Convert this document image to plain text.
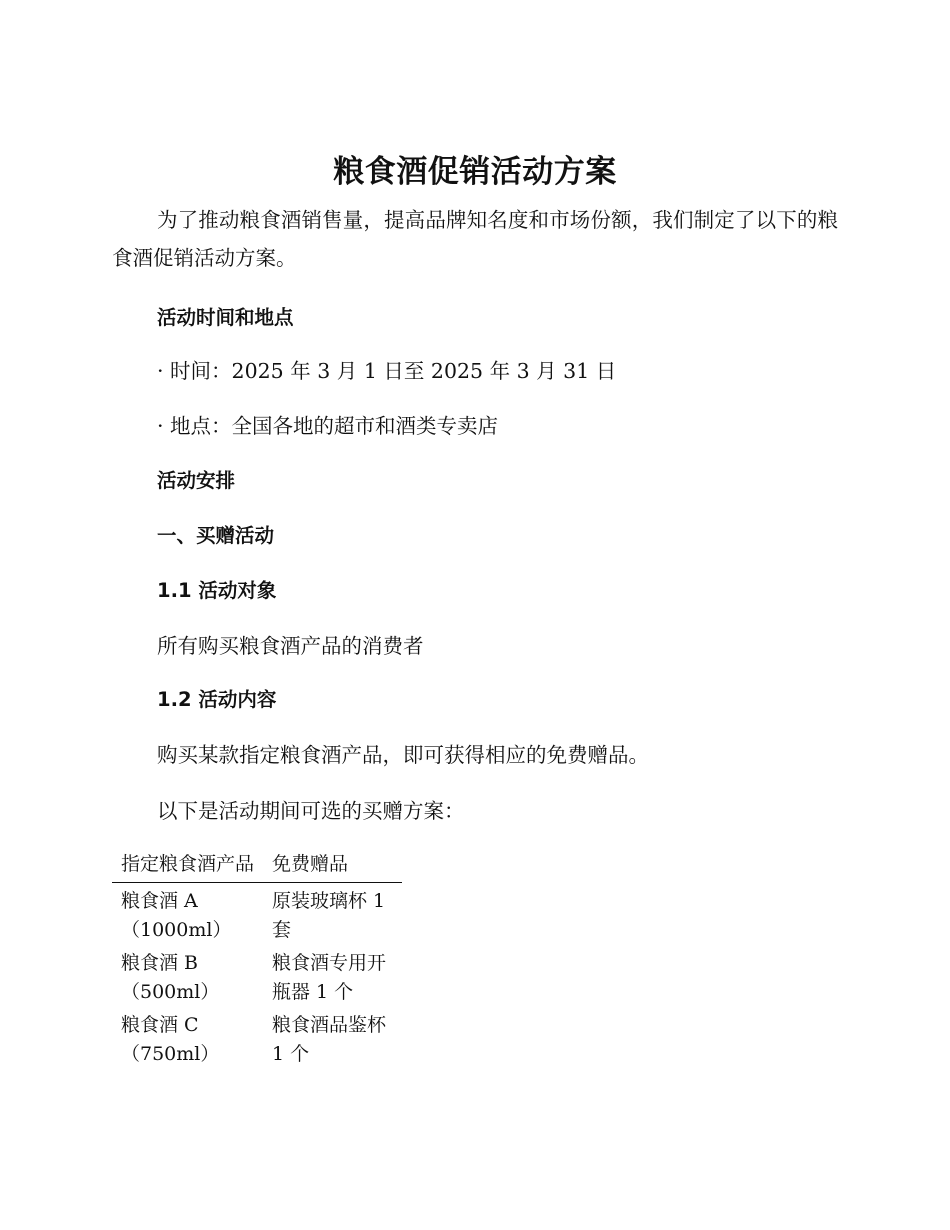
粮食酒促销活动方案
为了推动粮食酒销售量，提高品牌知名度和市场份额，我们制定了以下的粮食酒促销活动方案。
活动时间和地点
· 时间：2025 年 3 月 1 日至 2025 年 3 月 31 日
· 地点：全国各地的超市和酒类专卖店
活动安排
一、买赠活动
1.1 活动对象
所有购买粮食酒产品的消费者
1.2 活动内容
购买某款指定粮食酒产品，即可获得相应的免费赠品。
以下是活动期间可选的买赠方案：
指定粮食酒产品	免费赠品
粮食酒 A（1000ml）	原装玻璃杯 1 套
粮食酒 B（500ml）	粮食酒专用开瓶器 1 个
粮食酒 C（750ml）	粮食酒品鉴杯 1 个
